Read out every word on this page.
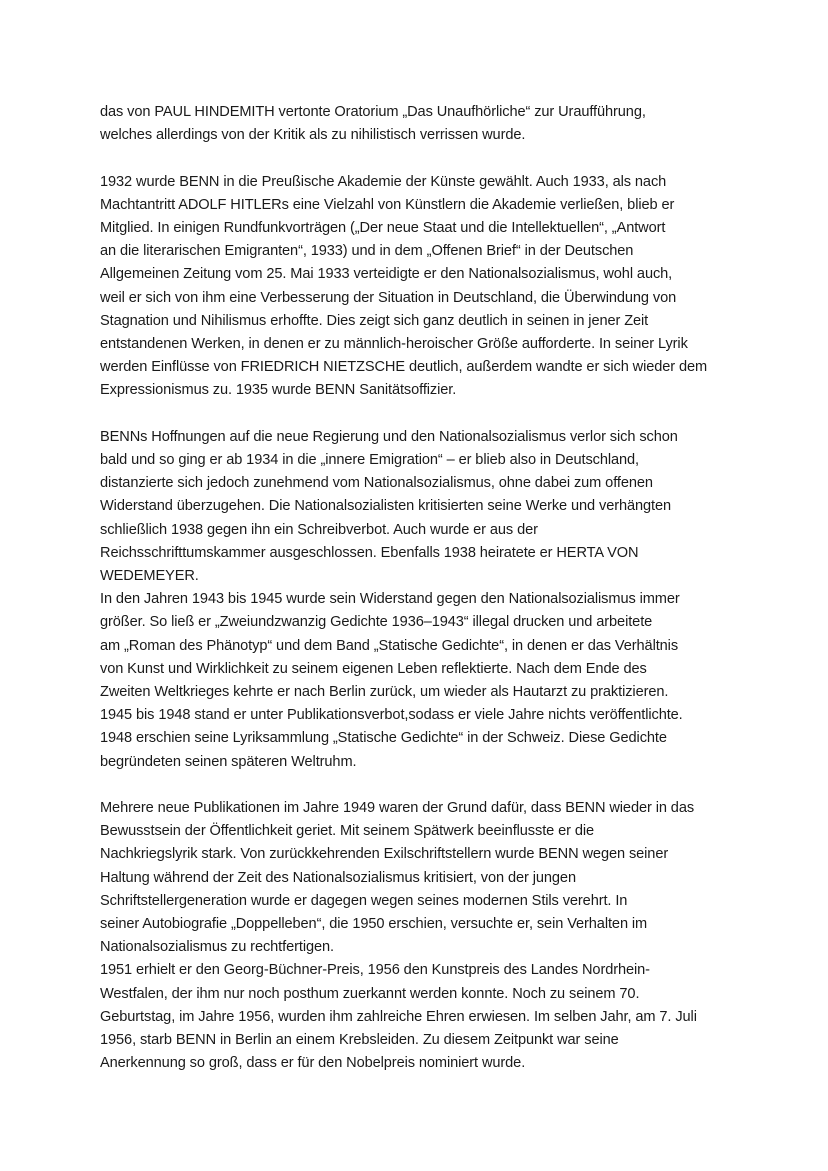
das von PAUL HINDEMITH vertonte Oratorium „Das Unaufhörliche“ zur Uraufführung,
welches allerdings von der Kritik als zu nihilistisch verrissen wurde.

1932 wurde BENN in die Preußische Akademie der Künste gewählt. Auch 1933, als nach
Machtantritt ADOLF HITLERs eine Vielzahl von Künstlern die Akademie verließen, blieb er
Mitglied. In einigen Rundfunkvorträgen („Der neue Staat und die Intellektuellen“, „Antwort
an die literarischen Emigranten“, 1933) und in dem „Offenen Brief“ in der Deutschen
Allgemeinen Zeitung vom 25. Mai 1933 verteidigte er den Nationalsozialismus, wohl auch,
weil er sich von ihm eine Verbesserung der Situation in Deutschland, die Überwindung von
Stagnation und Nihilismus erhoffte. Dies zeigt sich ganz deutlich in seinen in jener Zeit
entstandenen Werken, in denen er zu männlich-heroischer Größe aufforderte. In seiner Lyrik
werden Einflüsse von FRIEDRICH NIETZSCHE deutlich, außerdem wandte er sich wieder dem
Expressionismus zu. 1935 wurde BENN Sanitätsoffizier.

BENNs Hoffnungen auf die neue Regierung und den Nationalsozialismus verlor sich schon
bald und so ging er ab 1934 in die „innere Emigration“ – er blieb also in Deutschland,
distanzierte sich jedoch zunehmend vom Nationalsozialismus, ohne dabei zum offenen
Widerstand überzugehen. Die Nationalsozialisten kritisierten seine Werke und verhängten
schließlich 1938 gegen ihn ein Schreibverbot. Auch wurde er aus der
Reichsschrifttumskammer ausgeschlossen. Ebenfalls 1938 heiratete er HERTA VON
WEDEMEYER.

In den Jahren 1943 bis 1945 wurde sein Widerstand gegen den Nationalsozialismus immer
größer. So ließ er „Zweiundzwanzig Gedichte 1936–1943“ illegal drucken und arbeitete
am „Roman des Phänotyp“ und dem Band „Statische Gedichte“, in denen er das Verhältnis
von Kunst und Wirklichkeit zu seinem eigenen Leben reflektierte. Nach dem Ende des
Zweiten Weltkrieges kehrte er nach Berlin zurück, um wieder als Hautarzt zu praktizieren.
1945 bis 1948 stand er unter Publikationsverbot,sodass er viele Jahre nichts veröffentlichte.
1948 erschien seine Lyriksammlung „Statische Gedichte“ in der Schweiz. Diese Gedichte
begründeten seinen späteren Weltruhm.

Mehrere neue Publikationen im Jahre 1949 waren der Grund dafür, dass BENN wieder in das
Bewusstsein der Öffentlichkeit geriet. Mit seinem Spätwerk beeinflusste er die
Nachkriegslyrik stark. Von zurückkehrenden Exilschriftstellern wurde BENN wegen seiner
Haltung während der Zeit des Nationalsozialismus kritisiert, von der jungen
Schriftstellergeneration wurde er dagegen wegen seines modernen Stils verehrt. In
seiner Autobiografie „Doppelleben“, die 1950 erschien, versuchte er, sein Verhalten im
Nationalsozialismus zu rechtfertigen.

1951 erhielt er den Georg-Büchner-Preis, 1956 den Kunstpreis des Landes Nordrhein-
Westfalen, der ihm nur noch posthum zuerkannt werden konnte. Noch zu seinem 70.
Geburtstag, im Jahre 1956, wurden ihm zahlreiche Ehren erwiesen. Im selben Jahr, am 7. Juli
1956, starb BENN in Berlin an einem Krebsleiden. Zu diesem Zeitpunkt war seine
Anerkennung so groß, dass er für den Nobelpreis nominiert wurde.
